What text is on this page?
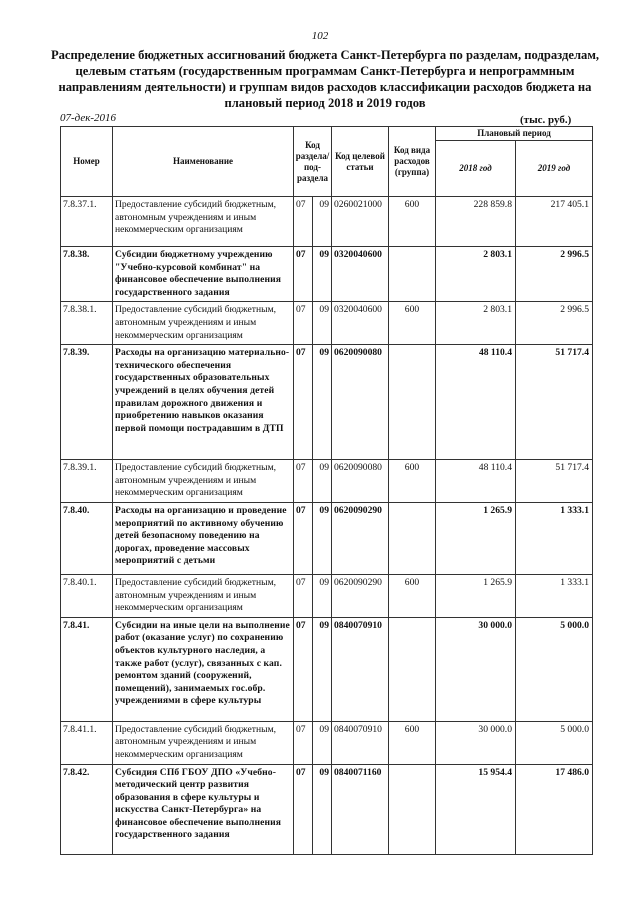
102
Распределение бюджетных ассигнований бюджета Санкт-Петербурга по разделам, подразделам, целевым статьям (государственным программам Санкт-Петербурга и непрограммным направлениям деятельности) и группам видов расходов классификации расходов бюджета на плановый период 2018 и 2019 годов
07-дек-2016	(тыс. руб.)
Номер	Наименование	Код раздела/ под-раздела		Код целевой статьи	Код вида расходов (группа)	Плановый период	
						2018 год	2019 год
7.8.37.1.	Предоставление субсидий бюджетным, автономным учреждениям и иным некоммерческим организациям	07	09	0260021000	600	228 859.8	217 405.1
7.8.38.	Субсидии бюджетному учреждению "Учебно-курсовой комбинат" на финансовое обеспечение выполнения государственного задания	07	09	0320040600		2 803.1	2 996.5
7.8.38.1.	Предоставление субсидий бюджетным, автономным учреждениям и иным некоммерческим организациям	07	09	0320040600	600	2 803.1	2 996.5
7.8.39.	Расходы на организацию материально-технического обеспечения государственных образовательных учреждений в целях обучения детей правилам дорожного движения и приобретению навыков оказания первой помощи пострадавшим в ДТП	07	09	0620090080		48 110.4	51 717.4
7.8.39.1.	Предоставление субсидий бюджетным, автономным учреждениям и иным некоммерческим организациям	07	09	0620090080	600	48 110.4	51 717.4
7.8.40.	Расходы на организацию и проведение мероприятий по активному обучению детей безопасному поведению на дорогах, проведение массовых мероприятий с детьми	07	09	0620090290		1 265.9	1 333.1
7.8.40.1.	Предоставление субсидий бюджетным, автономным учреждениям и иным некоммерческим организациям	07	09	0620090290	600	1 265.9	1 333.1
7.8.41.	Субсидии на иные цели на выполнение работ (оказание услуг) по сохранению объектов культурного наследия, а также работ (услуг), связанных с кап. ремонтом зданий (сооружений, помещений), занимаемых гос.обр. учреждениями в сфере культуры	07	09	0840070910		30 000.0	5 000.0
7.8.41.1.	Предоставление субсидий бюджетным, автономным учреждениям и иным некоммерческим организациям	07	09	0840070910	600	30 000.0	5 000.0
7.8.42.	Субсидия СПб ГБОУ ДПО «Учебно-методический центр развития образования в сфере культуры и искусства Санкт-Петербурга» на финансовое обеспечение выполнения государственного задания	07	09	0840071160		15 954.4	17 486.0
